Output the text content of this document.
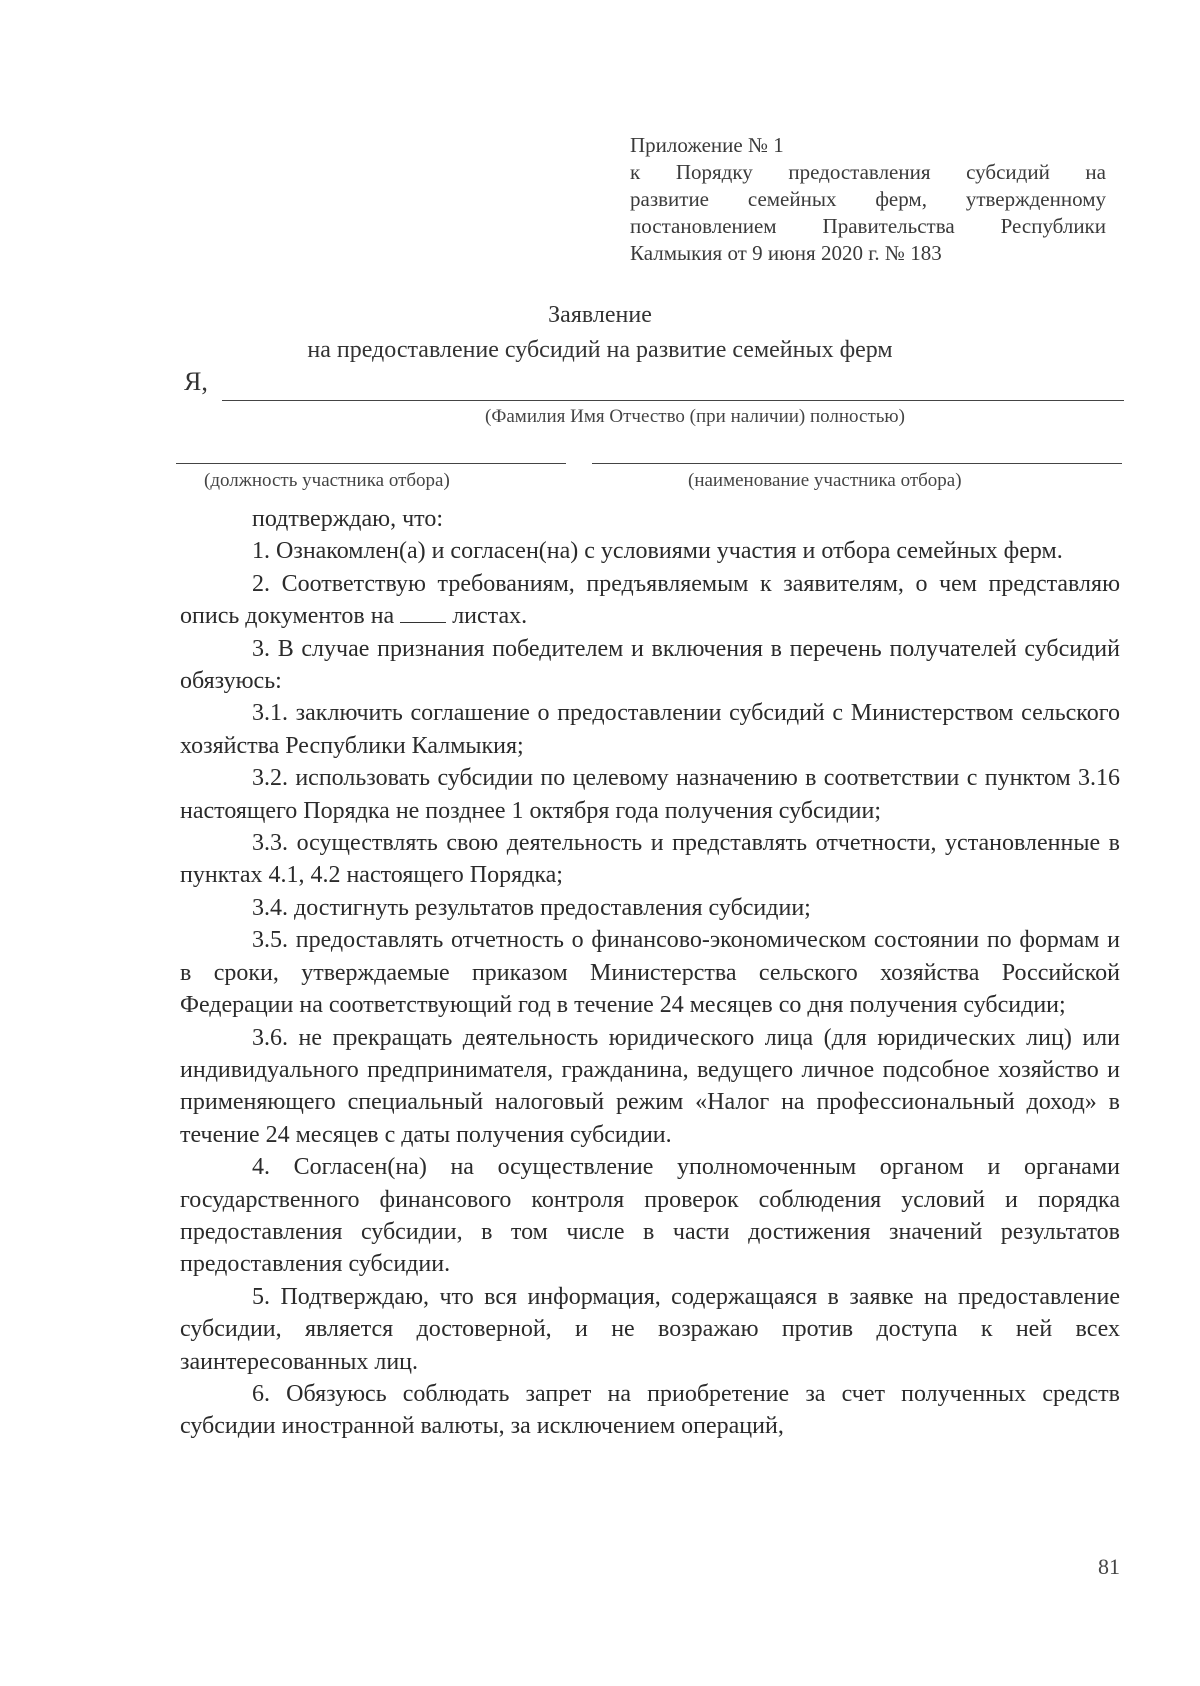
Приложение № 1
к Порядку предоставления субсидий на
развитие семейных ферм, утвержденному
постановлением Правительства Республики
Калмыкия от 9 июня 2020 г. № 183
Заявление
на предоставление субсидий на развитие семейных ферм
Я,
(Фамилия Имя Отчество (при наличии) полностью)
(должность участника отбора)	(наименование участника отбора)

подтверждаю, что:

1. Ознакомлен(а) и согласен(на) с условиями участия и отбора семейных ферм.

2. Соответствую требованиям, предъявляемым к заявителям, о чем представляю опись документов на листах.

3. В случае признания победителем и включения в перечень получателей субсидий обязуюсь:

3.1. заключить соглашение о предоставлении субсидий с Министерством сельского хозяйства Республики Калмыкия;

3.2. использовать субсидии по целевому назначению в соответствии с пунктом 3.16 настоящего Порядка не позднее 1 октября года получения субсидии;

3.3. осуществлять свою деятельность и представлять отчетности, установленные в пунктах 4.1, 4.2 настоящего Порядка;

3.4. достигнуть результатов предоставления субсидии;

3.5. предоставлять отчетность о финансово-экономическом состоянии по формам и в сроки, утверждаемые приказом Министерства сельского хозяйства Российской Федерации на соответствующий год в течение 24 месяцев со дня получения субсидии;

3.6. не прекращать деятельность юридического лица (для юридических лиц) или индивидуального предпринимателя, гражданина, ведущего личное подсобное хозяйство и применяющего специальный налоговый режим «Налог на профессиональный доход» в течение 24 месяцев с даты получения субсидии.

4. Согласен(на) на осуществление уполномоченным органом и органами государственного финансового контроля проверок соблюдения условий и порядка предоставления субсидии, в том числе в части достижения значений результатов предоставления субсидии.

5. Подтверждаю, что вся информация, содержащаяся в заявке на предоставление субсидии, является достоверной, и не возражаю против доступа к ней всех заинтересованных лиц.

6. Обязуюсь соблюдать запрет на приобретение за счет полученных средств субсидии иностранной валюты, за исключением операций,

81
